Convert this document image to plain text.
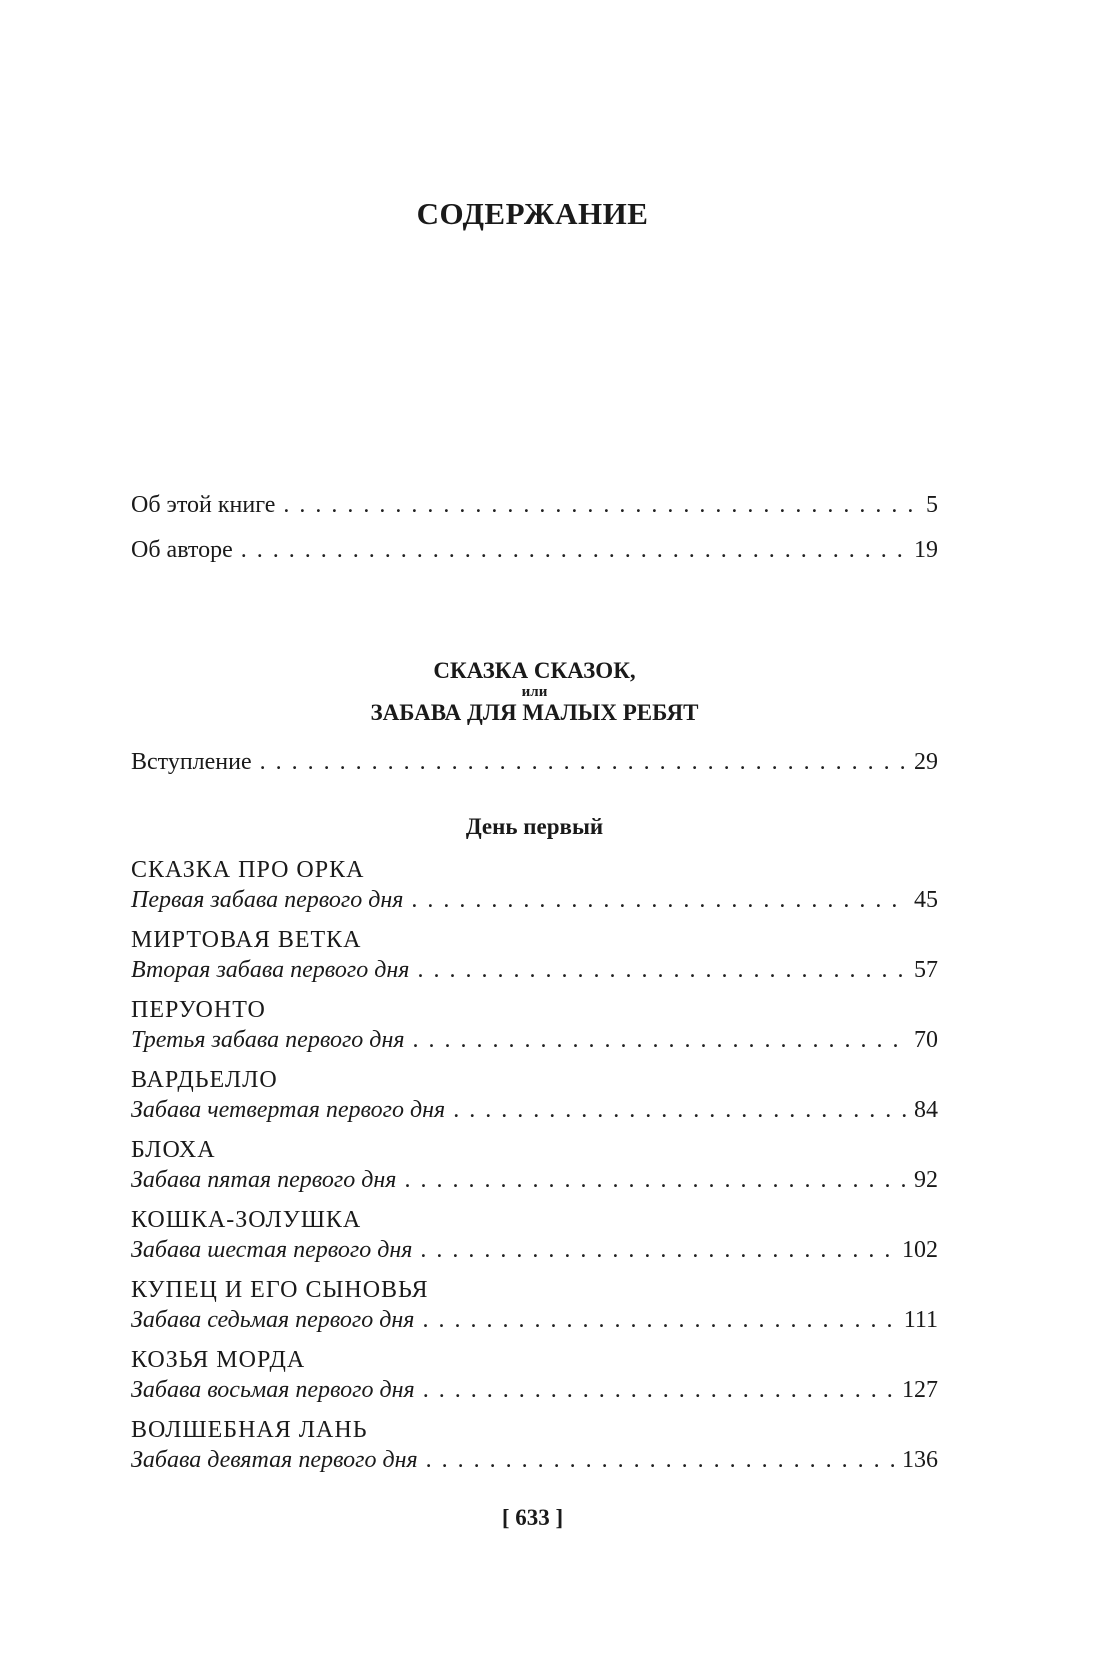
СОДЕРЖАНИЕ
Об этой книге . . .	5
Об авторе . . .	19
СКАЗКА СКАЗОК,
или
ЗАБАВА ДЛЯ МАЛЫХ РЕБЯТ
Вступление . . .	29
День первый
СКАЗКА ПРО ОРКА
Первая забава первого дня . . .	45
МИРТОВАЯ ВЕТКА
Вторая забава первого дня . . .	57
ПЕРУОНТО
Третья забава первого дня . . .	70
ВАРДЬЕЛЛО
Забава четвертая первого дня . . .	84
БЛОХА
Забава пятая первого дня . . .	92
КОШКА-ЗОЛУШКА
Забава шестая первого дня . . .	102
КУПЕЦ И ЕГО СЫНОВЬЯ
Забава седьмая первого дня . . .	111
КОЗЬЯ МОРДА
Забава восьмая первого дня . . .	127
ВОЛШЕБНАЯ ЛАНЬ
Забава девятая первого дня . . .	136
[ 633 ]
